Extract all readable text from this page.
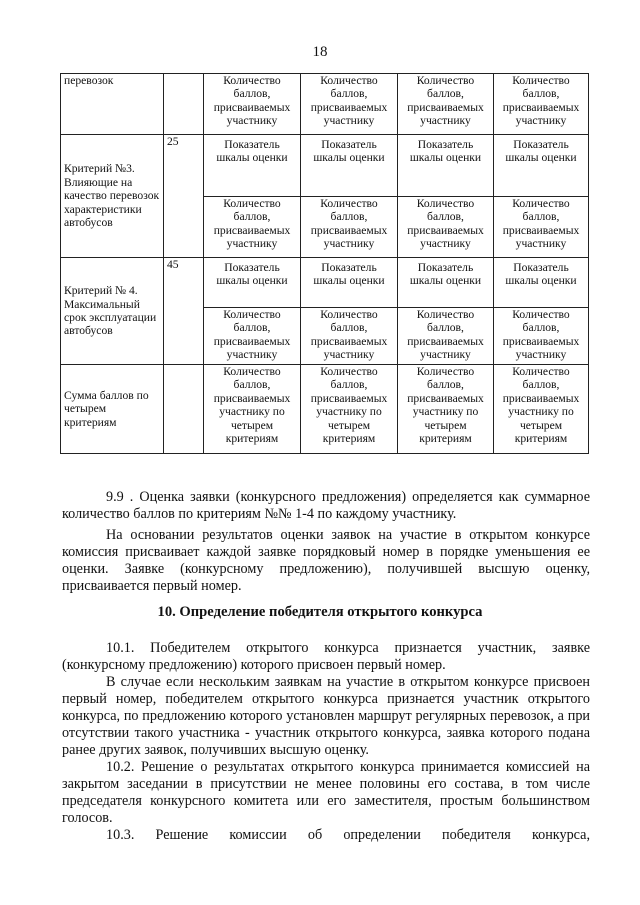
18
перевозок		Количество баллов, присваиваемых участнику	Количество баллов, присваиваемых участнику	Количество баллов, присваиваемых участнику	Количество баллов, присваиваемых участнику
Критерий №3. Влияющие на качество перевозок характеристики автобусов	25	Показатель шкалы оценки	Показатель шкалы оценки	Показатель шкалы оценки	Показатель шкалы оценки
		Количество баллов, присваиваемых участнику	Количество баллов, присваиваемых участнику	Количество баллов, присваиваемых участнику	Количество баллов, присваиваемых участнику
Критерий № 4. Максимальный срок эксплуатации автобусов	45	Показатель шкалы оценки	Показатель шкалы оценки	Показатель шкалы оценки	Показатель шкалы оценки
		Количество баллов, присваиваемых участнику	Количество баллов, присваиваемых участнику	Количество баллов, присваиваемых участнику	Количество баллов, присваиваемых участнику
Сумма баллов по четырем критериям		Количество баллов, присваиваемых участнику по четырем критериям	Количество баллов, присваиваемых участнику по четырем критериям	Количество баллов, присваиваемых участнику по четырем критериям	Количество баллов, присваиваемых участнику по четырем критериям

9.9 . Оценка заявки (конкурсного предложения) определяется как суммарное количество баллов по критериям №№ 1-4 по каждому участнику.

На основании результатов оценки заявок на участие в открытом конкурсе комиссия присваивает каждой заявке порядковый номер в порядке уменьшения ее оценки. Заявке (конкурсному предложению), получившей высшую оценку, присваивается первый номер.

10. Определение победителя открытого конкурса

10.1. Победителем открытого конкурса признается участник, заявке (конкурсному предложению) которого присвоен первый номер.

В случае если нескольким заявкам на участие в открытом конкурсе присвоен первый номер, победителем открытого конкурса признается участник открытого конкурса, по предложению которого установлен маршрут регулярных перевозок, а при отсутствии такого участника - участник открытого конкурса, заявка которого подана ранее других заявок, получивших высшую оценку.

10.2. Решение о результатах открытого конкурса принимается комиссией на закрытом заседании в присутствии не менее половины его состава, в том числе председателя конкурсного комитета или его заместителя, простым большинством голосов.

10.3. Решение комиссии об определении победителя конкурса,
